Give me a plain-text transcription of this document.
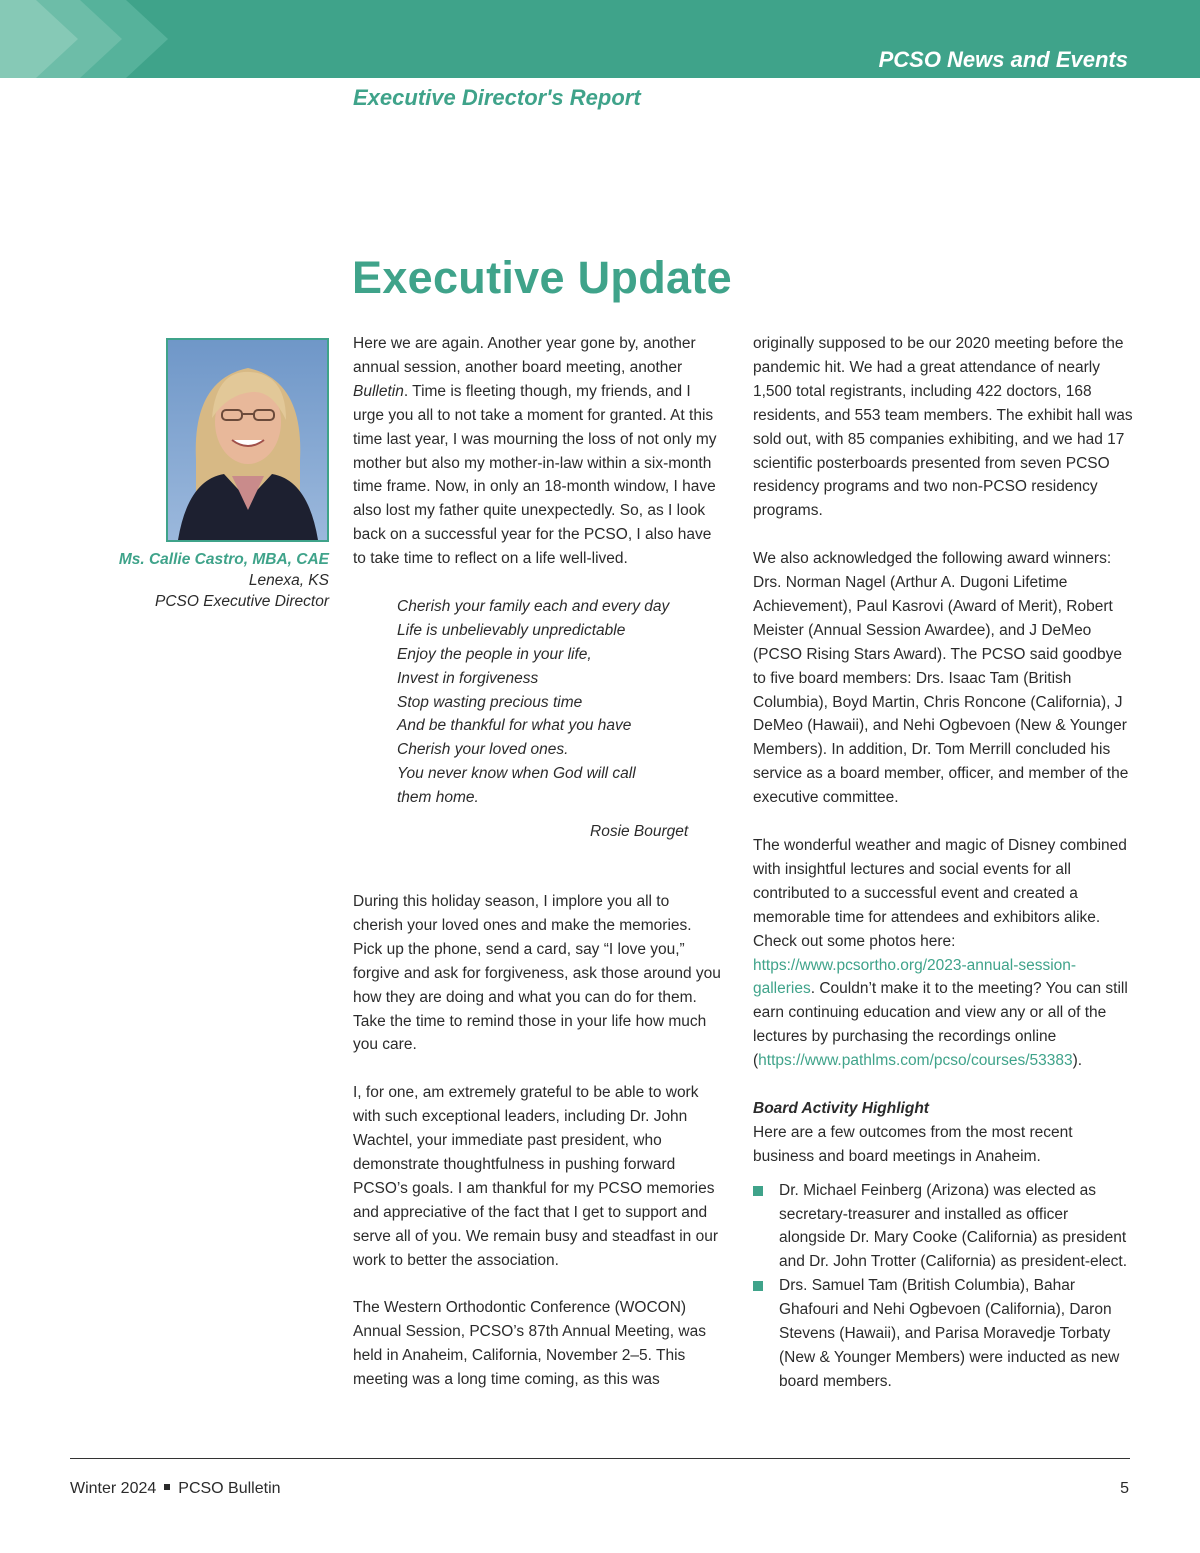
PCSO News and Events
Executive Director's Report
Executive Update
Ms. Callie Castro, MBA, CAE
Lenexa, KS
PCSO Executive Director

Here we are again. Another year gone by, another annual session, another board meeting, another Bulletin. Time is fleeting though, my friends, and I urge you all to not take a moment for granted. At this time last year, I was mourning the loss of not only my mother but also my mother-in-law within a six-month time frame. Now, in only an 18-month window, I have also lost my father quite unexpectedly. So, as I look back on a successful year for the PCSO, I also have to take time to reflect on a life well-lived.

Cherish your family each and every day
Life is unbelievably unpredictable
Enjoy the people in your life,
Invest in forgiveness
Stop wasting precious time
And be thankful for what you have
Cherish your loved ones.
You never know when God will call
them home.
Rosie Bourget

During this holiday season, I implore you all to cherish your loved ones and make the memories. Pick up the phone, send a card, say “I love you,” forgive and ask for forgiveness, ask those around you how they are doing and what you can do for them. Take the time to remind those in your life how much you care.

I, for one, am extremely grateful to be able to work with such exceptional leaders, including Dr. John Wachtel, your immediate past president, who demonstrate thoughtfulness in pushing forward PCSO’s goals. I am thankful for my PCSO memories and appreciative of the fact that I get to support and serve all of you. We remain busy and steadfast in our work to better the association.

The Western Orthodontic Conference (WOCON) Annual Session, PCSO’s 87th Annual Meeting, was held in Anaheim, California, November 2–5. This meeting was a long time coming, as this was

originally supposed to be our 2020 meeting before the pandemic hit. We had a great attendance of nearly 1,500 total registrants, including 422 doctors, 168 residents, and 553 team members. The exhibit hall was sold out, with 85 companies exhibiting, and we had 17 scientific posterboards presented from seven PCSO residency programs and two non-PCSO residency programs.

We also acknowledged the following award winners: Drs. Norman Nagel (Arthur A. Dugoni Lifetime Achievement), Paul Kasrovi (Award of Merit), Robert Meister (Annual Session Awardee), and J DeMeo (PCSO Rising Stars Award). The PCSO said goodbye to five board members: Drs. Isaac Tam (British Columbia), Boyd Martin, Chris Roncone (California), J DeMeo (Hawaii), and Nehi Ogbevoen (New & Younger Members). In addition, Dr. Tom Merrill concluded his service as a board member, officer, and member of the executive committee.

The wonderful weather and magic of Disney combined with insightful lectures and social events for all contributed to a successful event and created a memorable time for attendees and exhibitors alike. Check out some photos here: https://www.pcsortho.org/2023-annual-session-galleries. Couldn’t make it to the meeting? You can still earn continuing education and view any or all of the lectures by purchasing the recordings online (https://www.pathlms.com/pcso/courses/53383).

Board Activity Highlight
Here are a few outcomes from the most recent business and board meetings in Anaheim.
Dr. Michael Feinberg (Arizona) was elected as secretary-treasurer and installed as officer alongside Dr. Mary Cooke (California) as president and Dr. John Trotter (California) as president-elect.
Drs. Samuel Tam (British Columbia), Bahar Ghafouri and Nehi Ogbevoen (California), Daron Stevens (Hawaii), and Parisa Moravedje Torbaty (New & Younger Members) were inducted as new board members.
Winter 2024 PCSO Bulletin	5
